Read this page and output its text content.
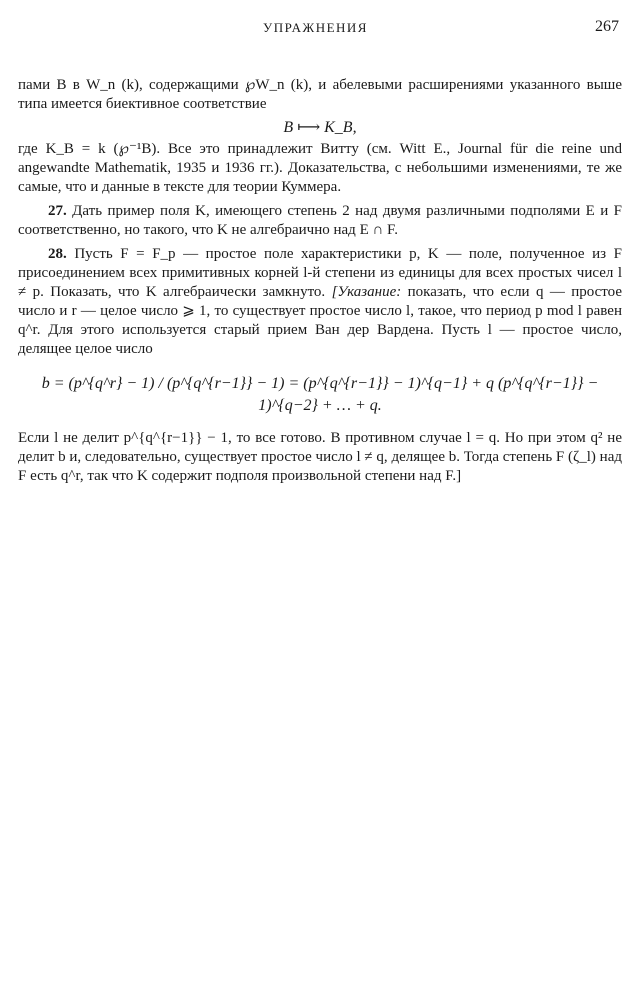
УПРАЖНЕНИЯ	267

пами B в W_n (k), содержащими ℘W_n (k), и абелевыми расширениями указанного выше типа имеется биективное соответствие

B ⟼ K_B,

где K_B = k (℘⁻¹B). Все это принадлежит Витту (см. Witt E., Journal für die reine und angewandte Mathematik, 1935 и 1936 гг.). Доказательства, с небольшими изменениями, те же самые, что и данные в тексте для теории Куммера.

27. Дать пример поля K, имеющего степень 2 над двумя различными подполями E и F соответственно, но такого, что K не алгебраично над E ∩ F.

28. Пусть F = F_p — простое поле характеристики p, K — поле, полученное из F присоединением всех примитивных корней l-й степени из единицы для всех простых чисел l ≠ p. Показать, что K алгебраически замкнуто. [Указание: показать, что если q — простое число и r — целое число ⩾ 1, то существует простое число l, такое, что период p mod l равен q^r. Для этого используется старый прием Ван дер Вардена. Пусть l — простое число, делящее целое число

b = (p^{q^r} − 1) / (p^{q^{r−1}} − 1) = (p^{q^{r−1}} − 1)^{q−1} + q (p^{q^{r−1}} − 1)^{q−2} + … + q.

Если l не делит p^{q^{r−1}} − 1, то все готово. В противном случае l = q. Но при этом q² не делит b и, следовательно, существует простое число l ≠ q, делящее b. Тогда степень F (ζ_l) над F есть q^r, так что K содержит подполя произвольной степени над F.]
